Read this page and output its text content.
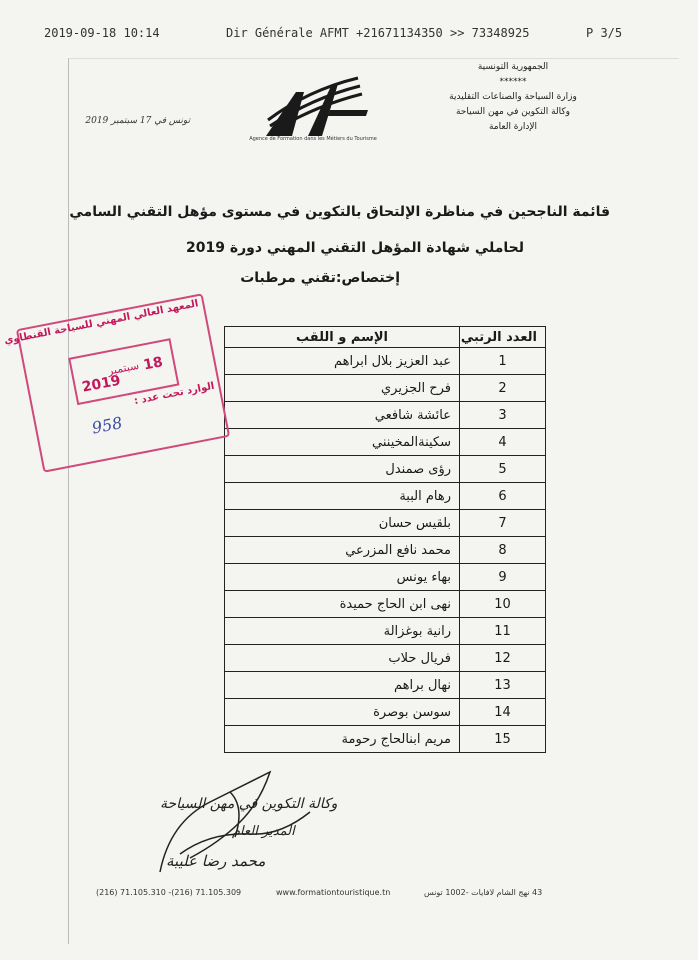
2019-09-18 10:14	Dir Générale AFMT +21671134350 >> 73348925	P 3/5
الجمهورية التونسية
******
وزارة السياحة والصناعات التقليدية
وكالة التكوين في مهن السياحة
الإدارة العامة
Agence de Formation dans les Métiers du Tourisme
تونس في 17 سبتمبر 2019
قائمة الناجحين في مناظرة الإلتحاق بالتكوين في مستوى مؤهل التقني السامي
لحاملي شهادة المؤهل التقني المهني دورة 2019
إختصاص:تقني مرطبات
العدد الرتبي	الإسم و اللقب
1	عبد العزيز بلال ابراهم
2	فرح الجزيري
3	عائشة شافعي
4	سكينةالمخينني
5	رؤى صمندل
6	رهام الببة
7	بلقيس حسان
8	محمد نافع المزرعي
9	بهاء يونس
10	نهى ابن الحاج حميدة
11	رانية بوغزالة
12	فريال حلاب
13	نهال براهم
14	سوسن بوصرة
15	مريم ابنالحاج رحومة
المعهد العالي المهني للسياحة القنطاوي
18
سبتمبر
2019 الوارد تحت عدد :
958
وكالة التكوين في مهن السياحة
المدير العام
محمد رضا عليبة
(216) 71.105.310 -(216) 71.105.309	www.formationtouristique.tn	43 نهج الشام لافايات -1002 تونس
